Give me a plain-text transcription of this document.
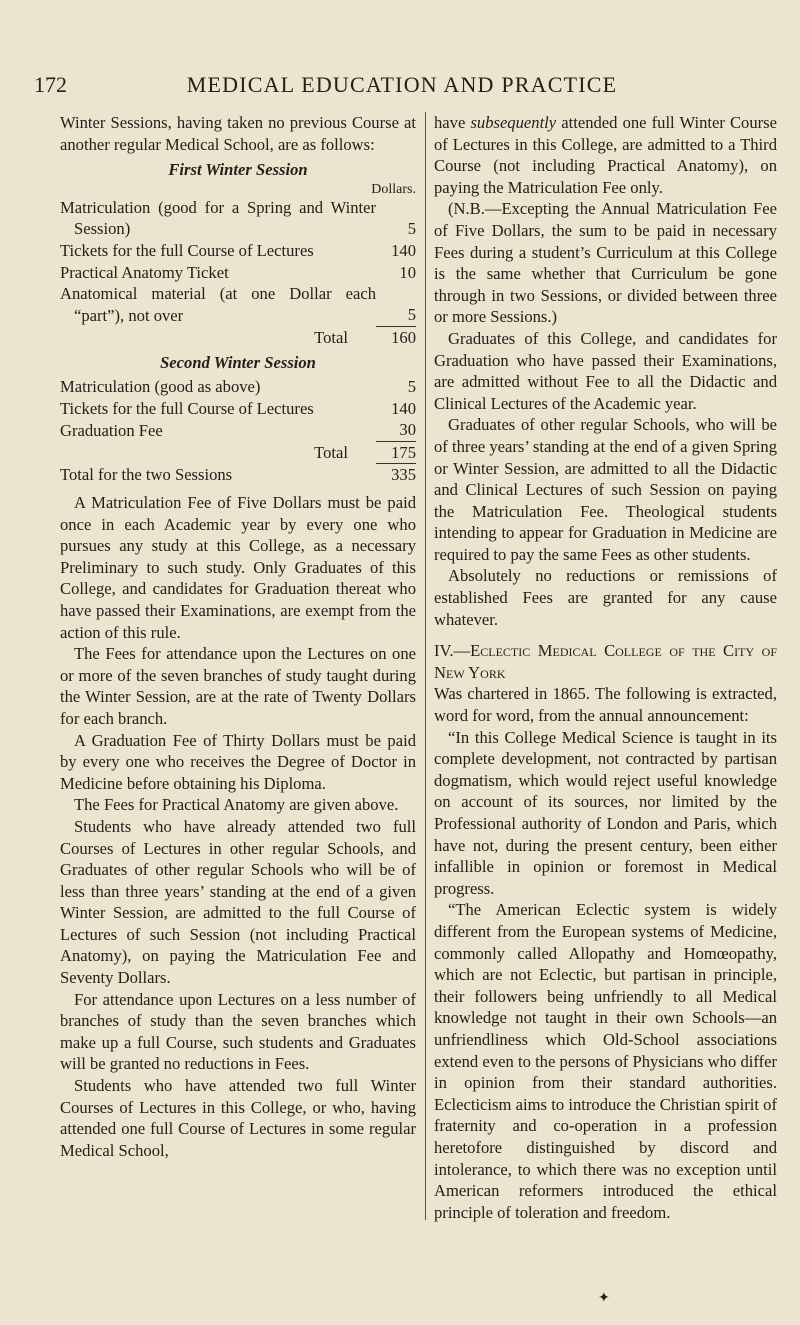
172	MEDICAL EDUCATION AND PRACTICE

Winter Sessions, having taken no previous Course at another regular Medical School, are as follows:

First Winter Session
Dollars.
Matriculation (good for a Spring and Winter Session)	5
Tickets for the full Course of Lectures	140
Practical Anatomy Ticket	10
Anatomical material (at one Dollar each “part”), not over	5
Total	160
Second Winter Session
Matriculation (good as above)	5
Tickets for the full Course of Lectures	140
Graduation Fee	30
Total	175
Total for the two Sessions	335

A Matriculation Fee of Five Dollars must be paid once in each Academic year by every one who pursues any study at this College, as a necessary Preliminary to such study. Only Graduates of this College, and candidates for Graduation thereat who have passed their Examinations, are exempt from the action of this rule.

The Fees for attendance upon the Lectures on one or more of the seven branches of study taught during the Winter Session, are at the rate of Twenty Dollars for each branch.

A Graduation Fee of Thirty Dollars must be paid by every one who receives the Degree of Doctor in Medicine before obtaining his Diploma.

The Fees for Practical Anatomy are given above.

Students who have already attended two full Courses of Lectures in other regular Schools, and Graduates of other regular Schools who will be of less than three years’ standing at the end of a given Winter Session, are admitted to the full Course of Lectures of such Session (not including Practical Anatomy), on paying the Matriculation Fee and Seventy Dollars.

For attendance upon Lectures on a less number of branches of study than the seven branches which make up a full Course, such students and Graduates will be granted no reductions in Fees.

Students who have attended two full Winter Courses of Lectures in this College, or who, having attended one full Course of Lectures in some regular Medical School,

have subsequently attended one full Winter Course of Lectures in this College, are admitted to a Third Course (not including Practical Anatomy), on paying the Matriculation Fee only.

(N.B.—Excepting the Annual Matriculation Fee of Five Dollars, the sum to be paid in necessary Fees during a student’s Curriculum at this College is the same whether that Curriculum be gone through in two Sessions, or divided between three or more Sessions.)

Graduates of this College, and candidates for Graduation who have passed their Examinations, are admitted without Fee to all the Didactic and Clinical Lectures of the Academic year.

Graduates of other regular Schools, who will be of three years’ standing at the end of a given Spring or Winter Session, are admitted to all the Didactic and Clinical Lectures of such Session on paying the Matriculation Fee. Theological students intending to appear for Graduation in Medicine are required to pay the same Fees as other students.

Absolutely no reductions or remissions of established Fees are granted for any cause whatever.

IV.—Eclectic Medical College of the City of New York

Was chartered in 1865. The following is extracted, word for word, from the annual announcement:

“In this College Medical Science is taught in its complete development, not contracted by partisan dogmatism, which would reject useful knowledge on account of its sources, nor limited by the Professional authority of London and Paris, which have not, during the present century, been either infallible in opinion or foremost in Medical progress.

“The American Eclectic system is widely different from the European systems of Medicine, commonly called Allopathy and Homœopathy, which are not Eclectic, but partisan in principle, their followers being unfriendly to all Medical knowledge not taught in their own Schools—an unfriendliness which Old-School associations extend even to the persons of Physicians who differ in opinion from their standard authorities. Eclecticism aims to introduce the Christian spirit of fraternity and co-operation in a profession heretofore distinguished by discord and intolerance, to which there was no exception until American reformers introduced the ethical principle of toleration and freedom.

✦
